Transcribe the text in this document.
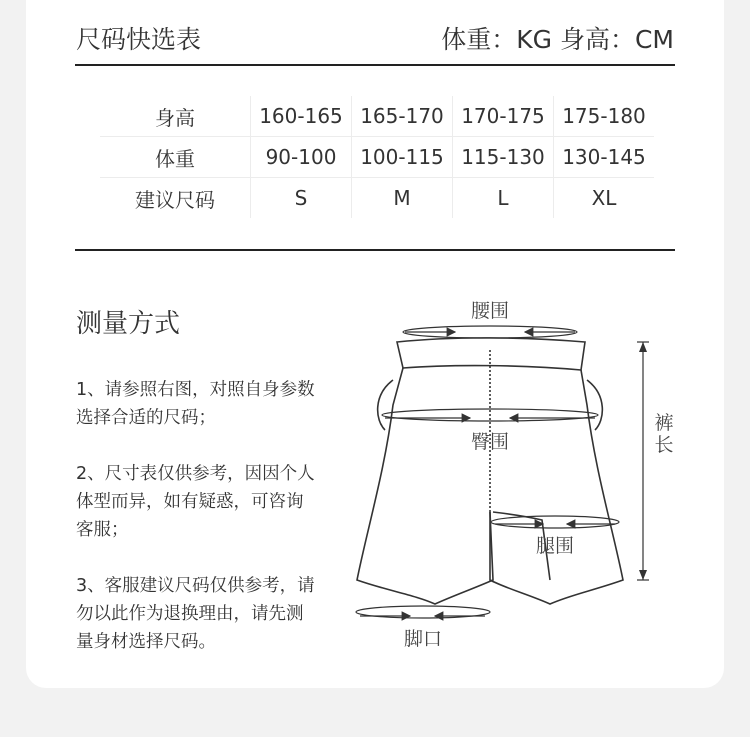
尺码快选表	体重：KG 身高：CM
身高	160-165	165-170	170-175	175-180
体重	90-100	100-115	115-130	130-145
建议尺码	S	M	L	XL
测量方式
1、请参照右图，对照自身参数选择合适的尺码；
2、尺寸表仅供参考，因因个人体型而异，如有疑惑，可咨询客服；
3、客服建议尺码仅供参考，请勿以此作为退换理由，请先测量身材选择尺码。
腰围
臀围
腿围
脚口
裤
长
